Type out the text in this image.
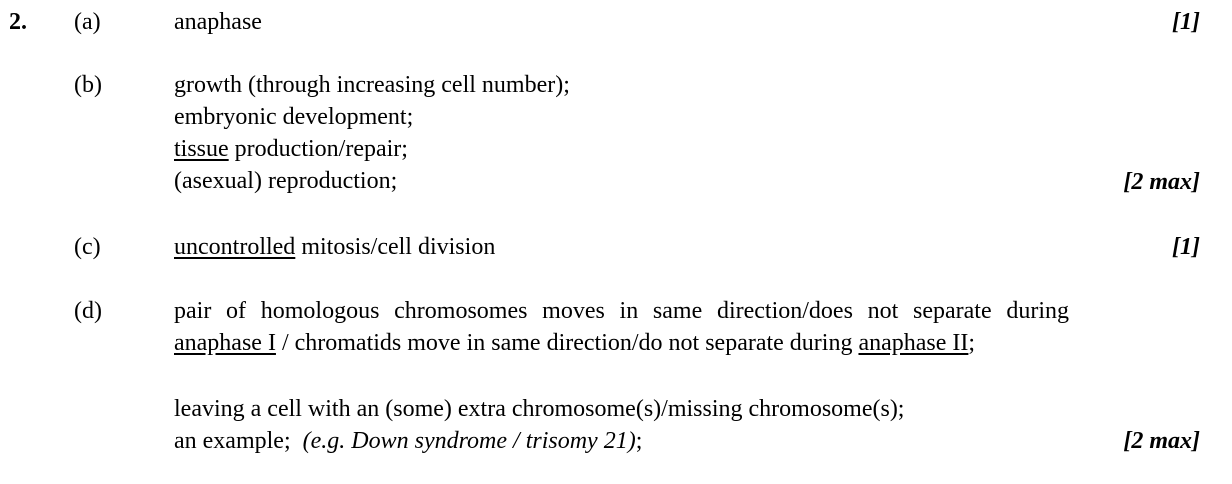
2. (a)	anaphase	[1]
(b)	growth (through increasing cell number);
embryonic development;
tissue production/repair;
(asexual) reproduction;	[2 max]
(c)	uncontrolled mitosis/cell division	[1]
(d)	pair of homologous chromosomes moves in same direction/does not separate during anaphase I / chromatids move in same direction/do not separate during anaphase II;
leaving a cell with an (some) extra chromosome(s)/missing chromosome(s);
an example;  (e.g. Down syndrome / trisomy 21);	[2 max]
